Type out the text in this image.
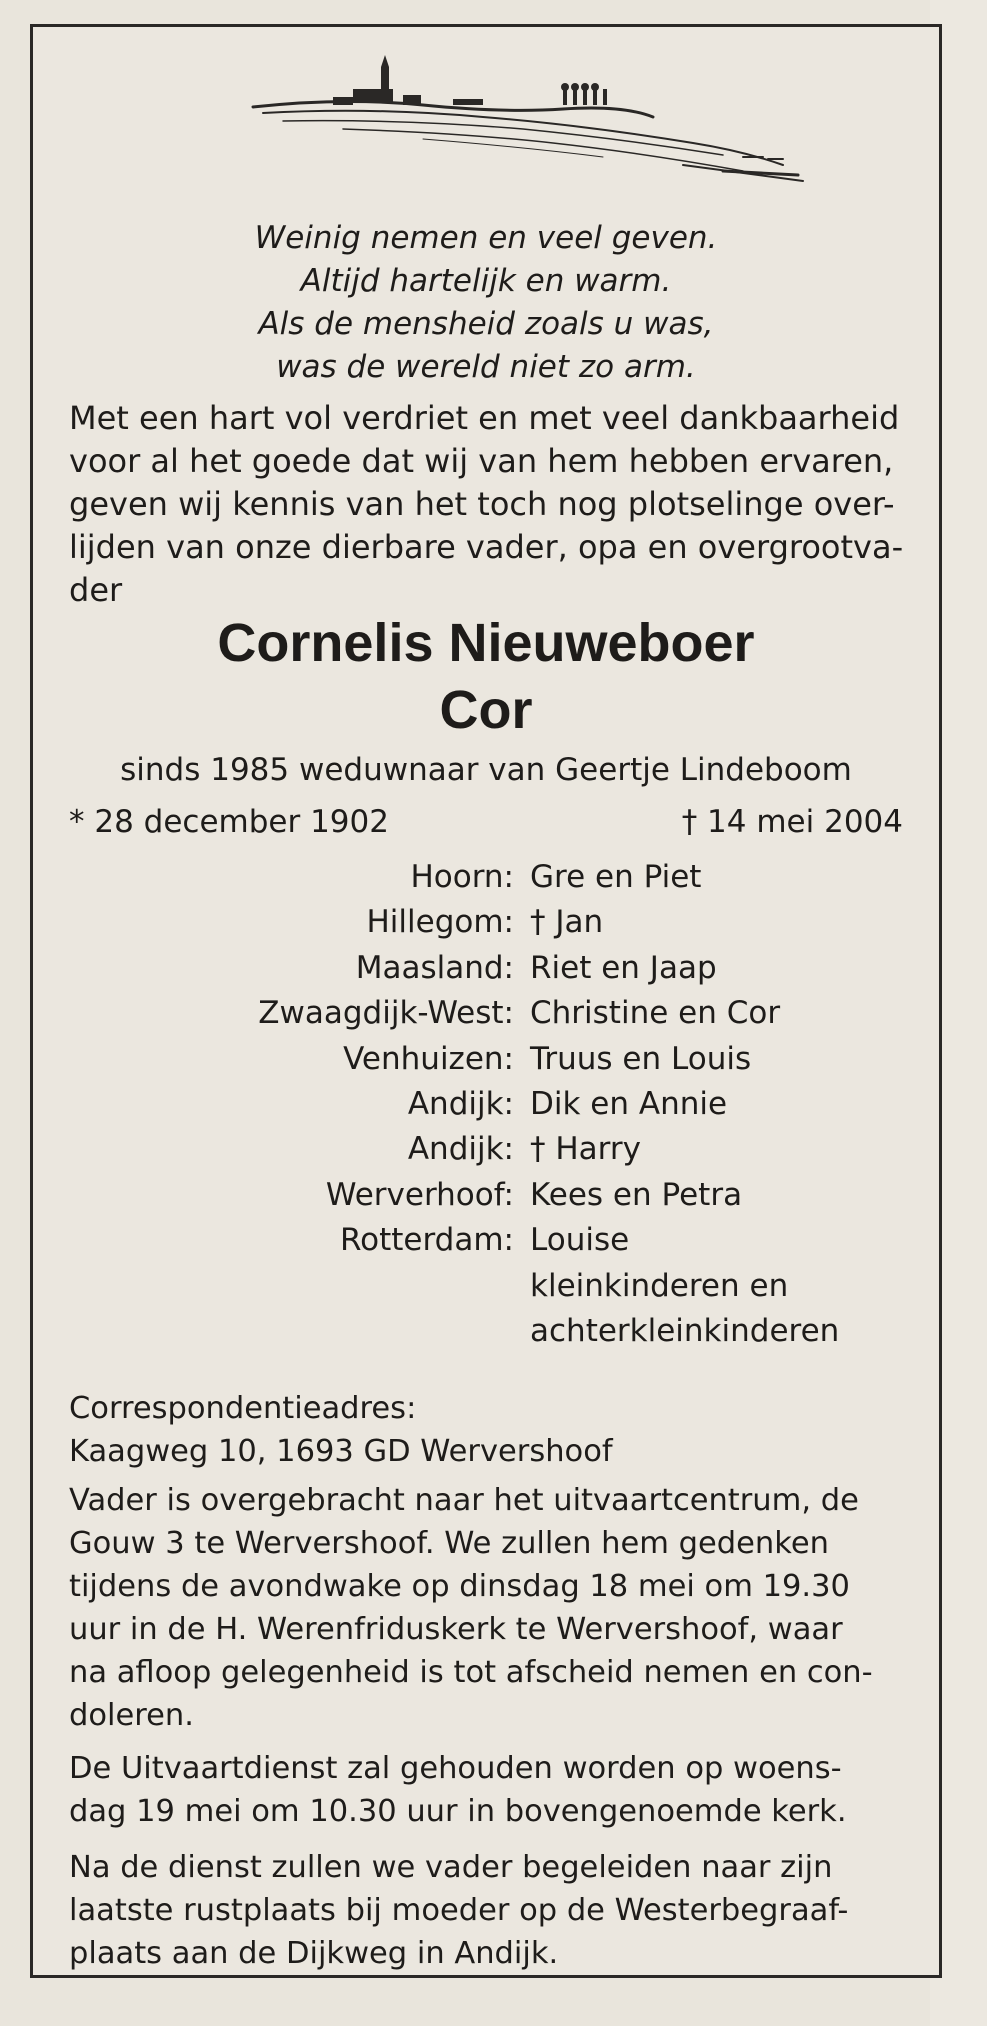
Weinig nemen en veel geven.
Altijd hartelijk en warm.
Als de mensheid zoals u was,
was de wereld niet zo arm.
Met een hart vol verdriet en met veel dankbaarheid
voor al het goede dat wij van hem hebben ervaren,
geven wij kennis van het toch nog plotselinge over-
lijden van onze dierbare vader, opa en overgrootva-
der
Cornelis Nieuweboer
Cor
sinds 1985 weduwnaar van Geertje Lindeboom
* 28 december 1902	† 14 mei 2004
Hoorn: Gre en Piet
Hillegom: † Jan
Maasland: Riet en Jaap
Zwaagdijk-West: Christine en Cor
Venhuizen: Truus en Louis
Andijk: Dik en Annie
Andijk: † Harry
Werverhoof: Kees en Petra
Rotterdam: Louise
kleinkinderen en
achterkleinkinderen
Correspondentieadres:
Kaagweg 10, 1693 GD Wervershoof
Vader is overgebracht naar het uitvaartcentrum, de
Gouw 3 te Wervershoof. We zullen hem gedenken
tijdens de avondwake op dinsdag 18 mei om 19.30
uur in de H. Werenfriduskerk te Wervershoof, waar
na afloop gelegenheid is tot afscheid nemen en con-
doleren.
De Uitvaartdienst zal gehouden worden op woens-
dag 19 mei om 10.30 uur in bovengenoemde kerk.
Na de dienst zullen we vader begeleiden naar zijn
laatste rustplaats bij moeder op de Westerbegraaf-
plaats aan de Dijkweg in Andijk.
